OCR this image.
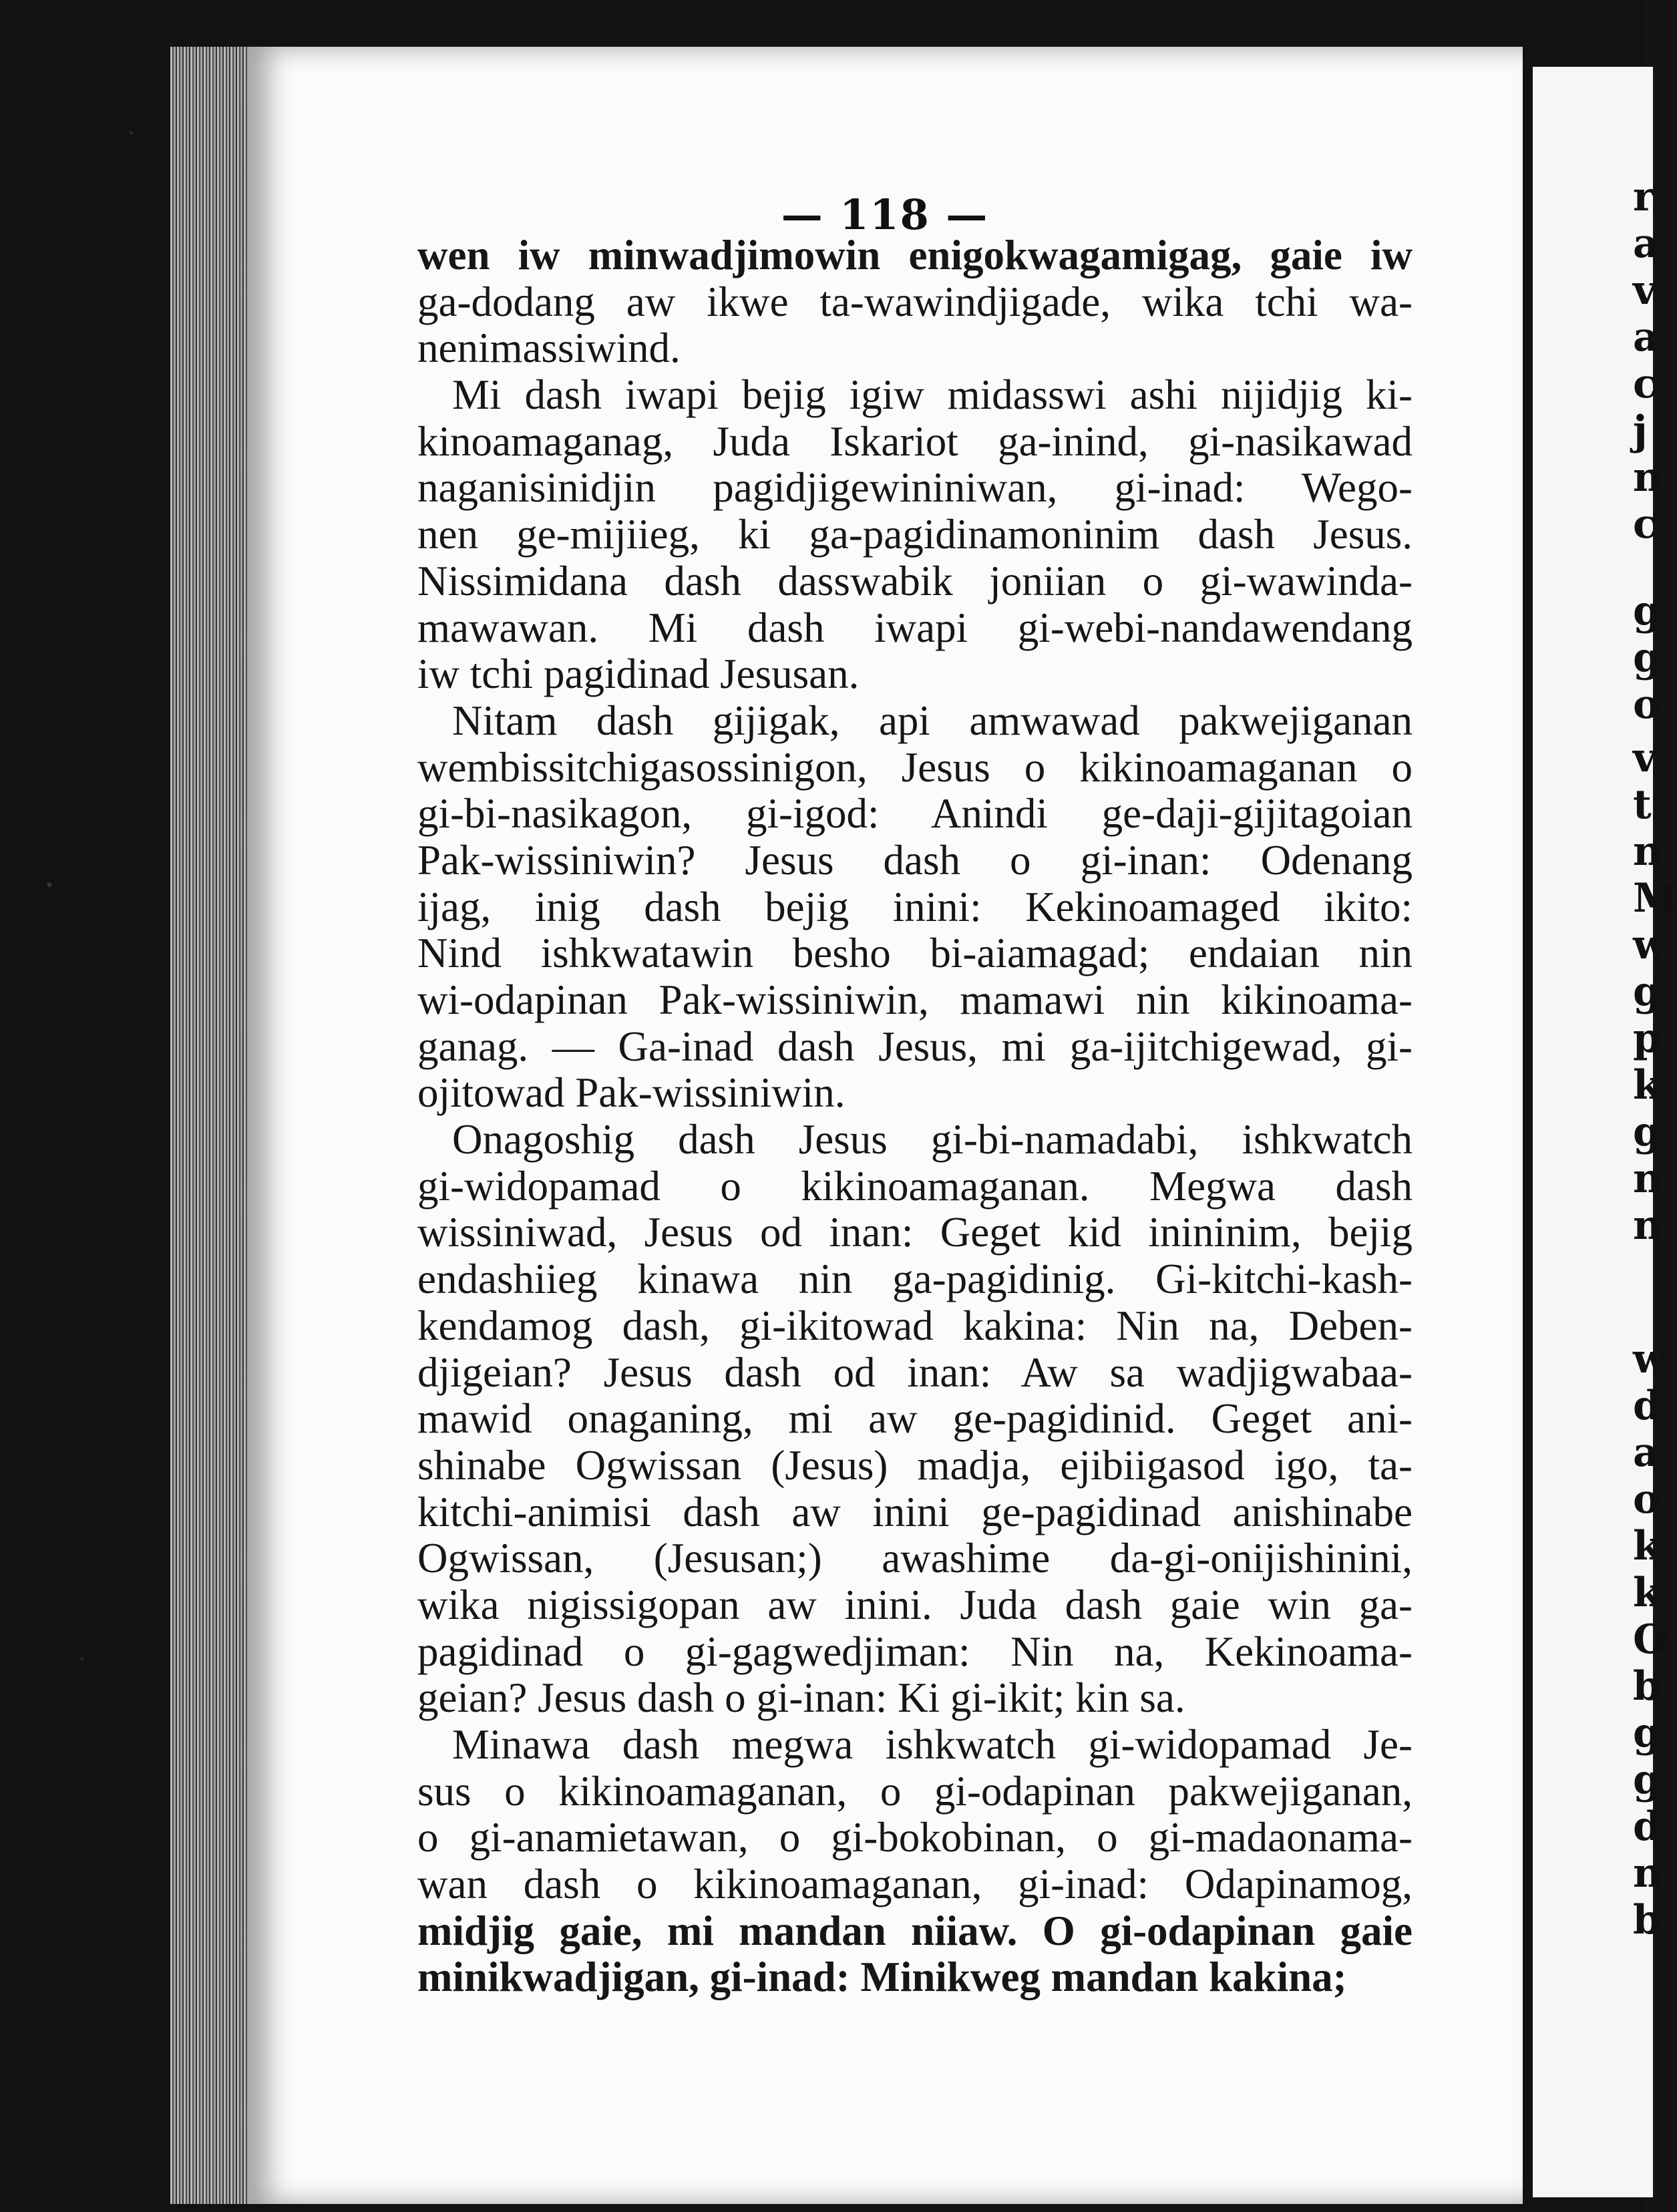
r
a
v
a
c
j
n
c
g
g
o
v
t
n
M
w
g
p
k
g
n
n
w
d
a
o
k
k
O
b
g
g
d
n
b
— 118 —

wen iw minwadjimowin enigokwagamigag, gaie iw

ga-dodang aw ikwe ta-wawindjigade, wika tchi wa-

nenimassiwind.

Mi dash iwapi bejig igiw midasswi ashi nijidjig ki-

kinoamaganag, Juda Iskariot ga-inind, gi-nasikawad

naganisinidjin pagidjigewininiwan, gi-inad: Wego-

nen ge-mijiieg, ki ga-pagidinamoninim dash Jesus.

Nissimidana dash dasswabik joniian o gi-wawinda-

mawawan. Mi dash iwapi gi-webi-nandawendang

iw tchi pagidinad Jesusan.

Nitam dash gijigak, api amwawad pakwejiganan

wembissitchigasossinigon, Jesus o kikinoamaganan o

gi-bi-nasikagon, gi-igod: Anindi ge-daji-gijitagoian

Pak-wissiniwin? Jesus dash o gi-inan: Odenang

ijag, inig dash bejig inini: Kekinoamaged ikito:

Nind ishkwatawin besho bi-aiamagad; endaian nin

wi-odapinan Pak-wissiniwin, mamawi nin kikinoama-

ganag. — Ga-inad dash Jesus, mi ga-ijitchigewad, gi-

ojitowad Pak-wissiniwin.

Onagoshig dash Jesus gi-bi-namadabi, ishkwatch

gi-widopamad o kikinoamaganan. Megwa dash

wissiniwad, Jesus od inan: Geget kid inininim, bejig

endashiieg kinawa nin ga-pagidinig. Gi-kitchi-kash-

kendamog dash, gi-ikitowad kakina: Nin na, Deben-

djigeian? Jesus dash od inan: Aw sa wadjigwabaa-

mawid onaganing, mi aw ge-pagidinid. Geget ani-

shinabe Ogwissan (Jesus) madja, ejibiigasod igo, ta-

kitchi-animisi dash aw inini ge-pagidinad anishinabe

Ogwissan, (Jesusan;) awashime da-gi-onijishinini,

wika nigissigopan aw inini. Juda dash gaie win ga-

pagidinad o gi-gagwedjiman: Nin na, Kekinoama-

geian? Jesus dash o gi-inan: Ki gi-ikit; kin sa.

Minawa dash megwa ishkwatch gi-widopamad Je-

sus o kikinoamaganan, o gi-odapinan pakwejiganan,

o gi-anamietawan, o gi-bokobinan, o gi-madaonama-

wan dash o kikinoamaganan, gi-inad: Odapinamog,

midjig gaie, mi mandan niiaw. O gi-odapinan gaie

minikwadjigan, gi-inad: Minikweg mandan kakina;
